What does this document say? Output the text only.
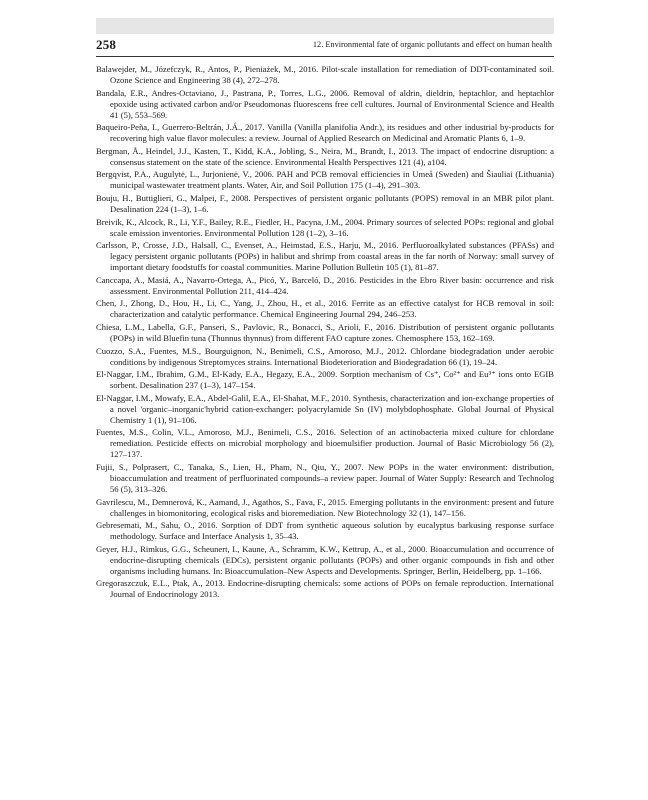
258	12. Environmental fate of organic pollutants and effect on human health
Balawejder, M., Józefczyk, R., Antos, P., Pieniażek, M., 2016. Pilot-scale installation for remediation of DDT-contaminated soil. Ozone Science and Engineering 38 (4), 272–278.
Bandala, E.R., Andres-Octaviano, J., Pastrana, P., Torres, L.G., 2006. Removal of aldrin, dieldrin, heptachlor, and heptachlor epoxide using activated carbon and/or Pseudomonas fluorescens free cell cultures. Journal of Environmental Science and Health 41 (5), 553–569.
Baqueiro-Peña, I., Guerrero-Beltrán, J.Á., 2017. Vanilla (Vanilla planifolia Andr.), its residues and other industrial by-products for recovering high value flavor molecules: a review. Journal of Applied Research on Medicinal and Aromatic Plants 6, 1–9.
Bergman, Å., Heindel, J.J., Kasten, T., Kidd, K.A., Jobling, S., Neira, M., Brandt, I., 2013. The impact of endocrine disruption: a consensus statement on the state of the science. Environmental Health Perspectives 121 (4), a104.
Bergqvist, P.A., Augulytė, L., Jurjonienė, V., 2006. PAH and PCB removal efficiencies in Umeå (Sweden) and Šiauliai (Lithuania) municipal wastewater treatment plants. Water, Air, and Soil Pollution 175 (1–4), 291–303.
Bouju, H., Buttiglieri, G., Malpei, F., 2008. Perspectives of persistent organic pollutants (POPS) removal in an MBR pilot plant. Desalination 224 (1–3), 1–6.
Breivik, K., Alcock, R., Li, Y.F., Bailey, R.E., Fiedler, H., Pacyna, J.M., 2004. Primary sources of selected POPs: regional and global scale emission inventories. Environmental Pollution 128 (1–2), 3–16.
Carlsson, P., Crosse, J.D., Halsall, C., Evenset, A., Heimstad, E.S., Harju, M., 2016. Perfluoroalkylated substances (PFASs) and legacy persistent organic pollutants (POPs) in halibut and shrimp from coastal areas in the far north of Norway: small survey of important dietary foodstuffs for coastal communities. Marine Pollution Bulletin 105 (1), 81–87.
Canccapa, A., Masiá, A., Navarro-Ortega, A., Picó, Y., Barceló, D., 2016. Pesticides in the Ebro River basin: occurrence and risk assessment. Environmental Pollution 211, 414–424.
Chen, J., Zhong, D., Hou, H., Li, C., Yang, J., Zhou, H., et al., 2016. Ferrite as an effective catalyst for HCB removal in soil: characterization and catalytic performance. Chemical Engineering Journal 294, 246–253.
Chiesa, L.M., Labella, G.F., Panseri, S., Pavlovic, R., Bonacci, S., Arioli, F., 2016. Distribution of persistent organic pollutants (POPs) in wild Bluefin tuna (Thunnus thynnus) from different FAO capture zones. Chemosphere 153, 162–169.
Cuozzo, S.A., Fuentes, M.S., Bourguignon, N., Benimeli, C.S., Amoroso, M.J., 2012. Chlordane biodegradation under aerobic conditions by indigenous Streptomyces strains. International Biodeterioration and Biodegradation 66 (1), 19–24.
El-Naggar, I.M., Ibrahim, G.M., El-Kady, E.A., Hegazy, E.A., 2009. Sorption mechanism of Cs⁺, Co²⁺ and Eu³⁺ ions onto EGIB sorbent. Desalination 237 (1–3), 147–154.
El-Naggar, I.M., Mowafy, E.A., Abdel-Galil, E.A., El-Shahat, M.F., 2010. Synthesis, characterization and ion-exchange properties of a novel 'organic–inorganic'hybrid cation-exchanger: polyacrylamide Sn (IV) molybdophosphate. Global Journal of Physical Chemistry 1 (1), 91–106.
Fuentes, M.S., Colin, V.L., Amoroso, M.J., Benimeli, C.S., 2016. Selection of an actinobacteria mixed culture for chlordane remediation. Pesticide effects on microbial morphology and bioemulsifier production. Journal of Basic Microbiology 56 (2), 127–137.
Fujii, S., Polprasert, C., Tanaka, S., Lien, H., Pham, N., Qiu, Y., 2007. New POPs in the water environment: distribution, bioaccumulation and treatment of perfluorinated compounds–a review paper. Journal of Water Supply: Research and Technolog 56 (5), 313–326.
Gavrilescu, M., Demnerová, K., Aamand, J., Agathos, S., Fava, F., 2015. Emerging pollutants in the environment: present and future challenges in biomonitoring, ecological risks and bioremediation. New Biotechnology 32 (1), 147–156.
Gebresemati, M., Sahu, O., 2016. Sorption of DDT from synthetic aqueous solution by eucalyptus barkusing response surface methodology. Surface and Interface Analysis 1, 35–43.
Geyer, H.J., Rimkus, G.G., Scheunert, I., Kaune, A., Schramm, K.W., Kettrup, A., et al., 2000. Bioaccumulation and occurrence of endocrine-disrupting chemicals (EDCs), persistent organic pollutants (POPs) and other organic compounds in fish and other organisms including humans. In: Bioaccumulation–New Aspects and Developments. Springer, Berlin, Heidelberg, pp. 1–166.
Gregoraszczuk, E.L., Ptak, A., 2013. Endocrine-disrupting chemicals: some actions of POPs on female reproduction. International Journal of Endocrinology 2013.
